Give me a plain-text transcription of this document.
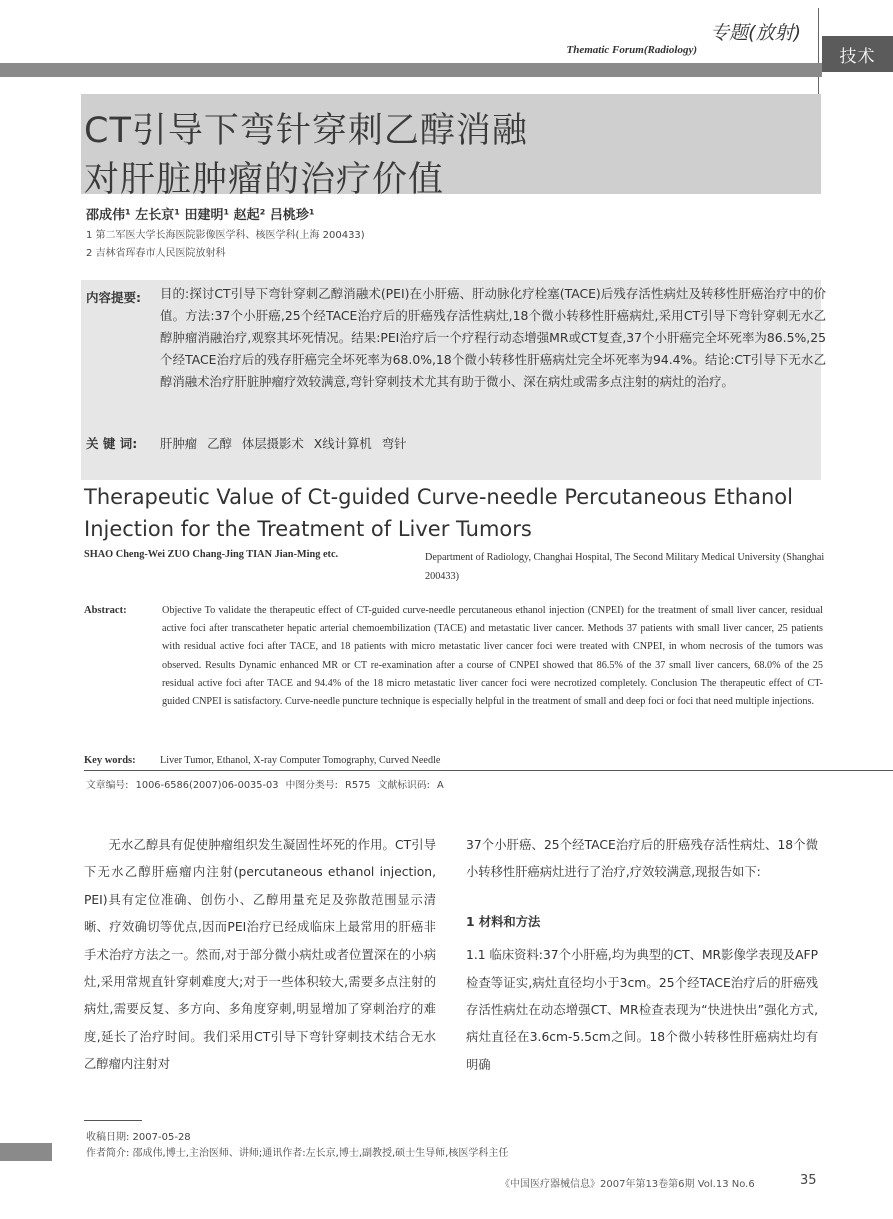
专题(放射)
Thematic Forum(Radiology)	技术
CT引导下弯针穿刺乙醇消融
对肝脏肿瘤的治疗价值
邵成伟¹ 左长京¹ 田建明¹ 赵起² 吕桃珍¹
1 第二军医大学长海医院影像医学科、核医学科(上海 200433)
2 吉林省珲春市人民医院放射科
内容提要: 目的:探讨CT引导下弯针穿刺乙醇消融术(PEI)在小肝癌、肝动脉化疗栓塞(TACE)后残存活性病灶及转移性肝癌治疗中的价值。方法:37个小肝癌,25个经TACE治疗后的肝癌残存活性病灶,18个微小转移性肝癌病灶,采用CT引导下弯针穿刺无水乙醇肿瘤消融治疗,观察其坏死情况。结果:PEI治疗后一个疗程行动态增强MR或CT复查,37个小肝癌完全坏死率为86.5%,25个经TACE治疗后的残存肝癌完全坏死率为68.0%,18个微小转移性肝癌病灶完全坏死率为94.4%。结论:CT引导下无水乙醇消融术治疗肝脏肿瘤疗效较满意,弯针穿刺技术尤其有助于微小、深在病灶或需多点注射的病灶的治疗。
关 键 词: 肝肿瘤 乙醇 体层摄影术 X线计算机 弯针
Therapeutic Value of Ct-guided Curve-needle Percutaneous Ethanol
Injection for the Treatment of Liver Tumors
SHAO Cheng-Wei ZUO Chang-Jing TIAN Jian-Ming etc.	Department of Radiology, Changhai Hospital, The Second Military Medical University (Shanghai 200433)
Abstract:	Objective To validate the therapeutic effect of CT-guided curve-needle percutaneous ethanol injection (CNPEI) for the treatment of small liver cancer, residual active foci after transcatheter hepatic arterial chemoembilization (TACE) and metastatic liver cancer. Methods 37 patients with small liver cancer, 25 patients with residual active foci after TACE, and 18 patients with micro metastatic liver cancer foci were treated with CNPEI, in whom necrosis of the tumors was observed. Results Dynamic enhanced MR or CT re-examination after a course of CNPEI showed that 86.5% of the 37 small liver cancers, 68.0% of the 25 residual active foci after TACE and 94.4% of the 18 micro metastatic liver cancer foci were necrotized completely. Conclusion The therapeutic effect of CT-guided CNPEI is satisfactory. Curve-needle puncture technique is especially helpful in the treatment of small and deep foci or foci that need multiple injections.
Key words: Liver Tumor, Ethanol, X-ray Computer Tomography, Curved Needle
文章编号: 1006-6586(2007)06-0035-03 中图分类号: R575 文献标识码: A

无水乙醇具有促使肿瘤组织发生凝固性坏死的作用。CT引导下无水乙醇肝癌瘤内注射(percutaneous ethanol injection, PEI)具有定位准确、创伤小、乙醇用量充足及弥散范围显示清晰、疗效确切等优点,因而PEI治疗已经成临床上最常用的肝癌非手术治疗方法之一。然而,对于部分微小病灶或者位置深在的小病灶,采用常规直针穿刺难度大;对于一些体积较大,需要多点注射的病灶,需要反复、多方向、多角度穿刺,明显增加了穿刺治疗的难度,延长了治疗时间。我们采用CT引导下弯针穿刺技术结合无水乙醇瘤内注射对

37个小肝癌、25个经TACE治疗后的肝癌残存活性病灶、18个微小转移性肝癌病灶进行了治疗,疗效较满意,现报告如下:

1 材料和方法

1.1 临床资料:37个小肝癌,均为典型的CT、MR影像学表现及AFP检查等证实,病灶直径均小于3cm。25个经TACE治疗后的肝癌残存活性病灶在动态增强CT、MR检查表现为“快进快出”强化方式,病灶直径在3.6cm-5.5cm之间。18个微小转移性肝癌病灶均有明确

收稿日期: 2007-05-28
作者简介: 邵成伟,博士,主治医师、讲师;通讯作者:左长京,博士,副教授,硕士生导师,核医学科主任
《中国医疗器械信息》2007年第13卷第6期 Vol.13 No.6	35
